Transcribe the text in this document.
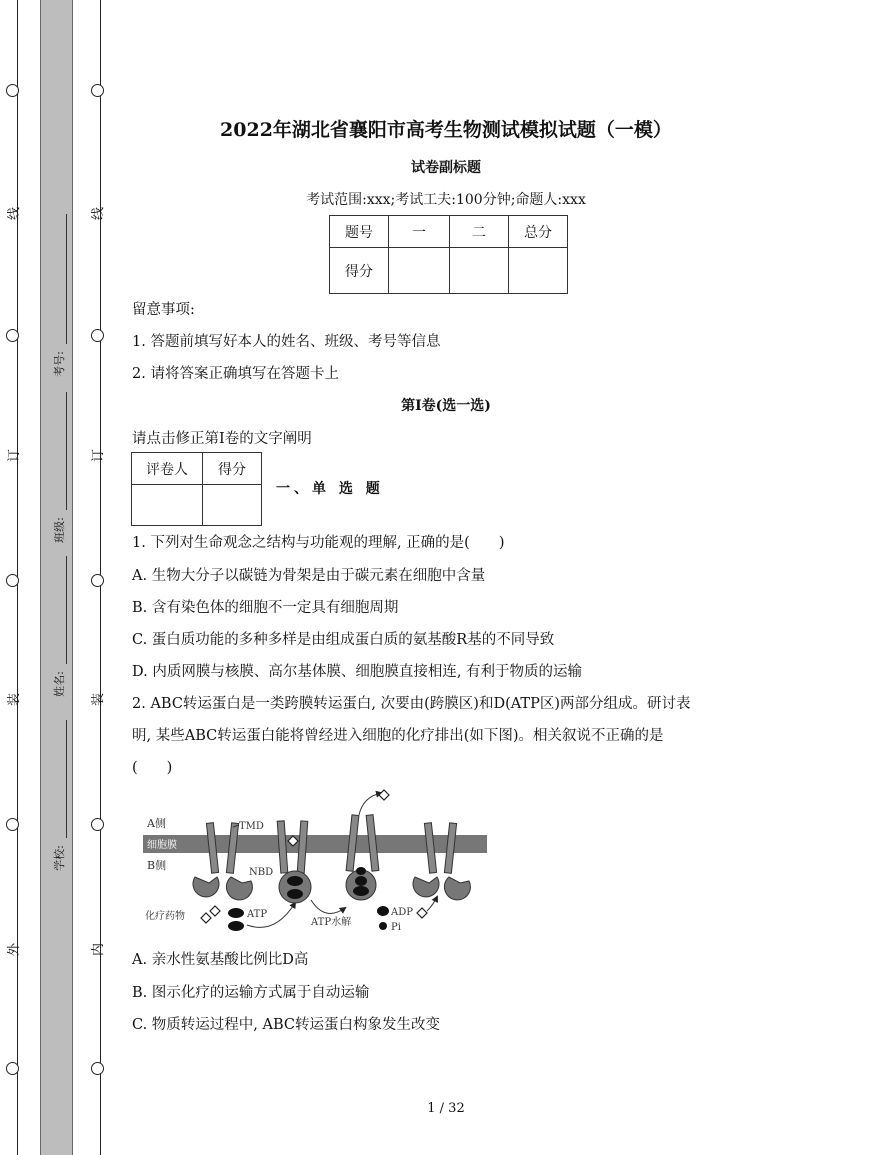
线
订
装
外
线
订
装
内
考号:
班级:
姓名:
学校:
2022年湖北省襄阳市高考生物测试模拟试题（一模）
试卷副标题
考试范围:xxx;考试工夫:100分钟;命题人:xxx
题号	一	二	总分
得分			
留意事项:
1. 答题前填写好本人的姓名、班级、考号等信息
2. 请将答案正确填写在答题卡上
第I卷(选一选)
请点击修正第I卷的文字阐明
评卷人	得分

一、单 选 题
1. 下列对生命观念之结构与功能观的理解, 正确的是(　　)
A. 生物大分子以碳链为骨架是由于碳元素在细胞中含量
B. 含有染色体的细胞不一定具有细胞周期
C. 蛋白质功能的多种多样是由组成蛋白质的氨基酸R基的不同导致
D. 内质网膜与核膜、高尔基体膜、细胞膜直接相连, 有利于物质的运输
2. ABC转运蛋白是一类跨膜转运蛋白, 次要由(跨膜区)和D(ATP区)两部分组成。研讨表
明, 某些ABC转运蛋白能将曾经进入细胞的化疗排出(如下图)。相关叙说不正确的是
(　　)
A侧
细胞膜
B侧
TMD
NBD
化疗药物	ATP
ATP水解
ADP
Pi
A. 亲水性氨基酸比例比D高
B. 图示化疗的运输方式属于自动运输
C. 物质转运过程中, ABC转运蛋白构象发生改变
1 / 32
